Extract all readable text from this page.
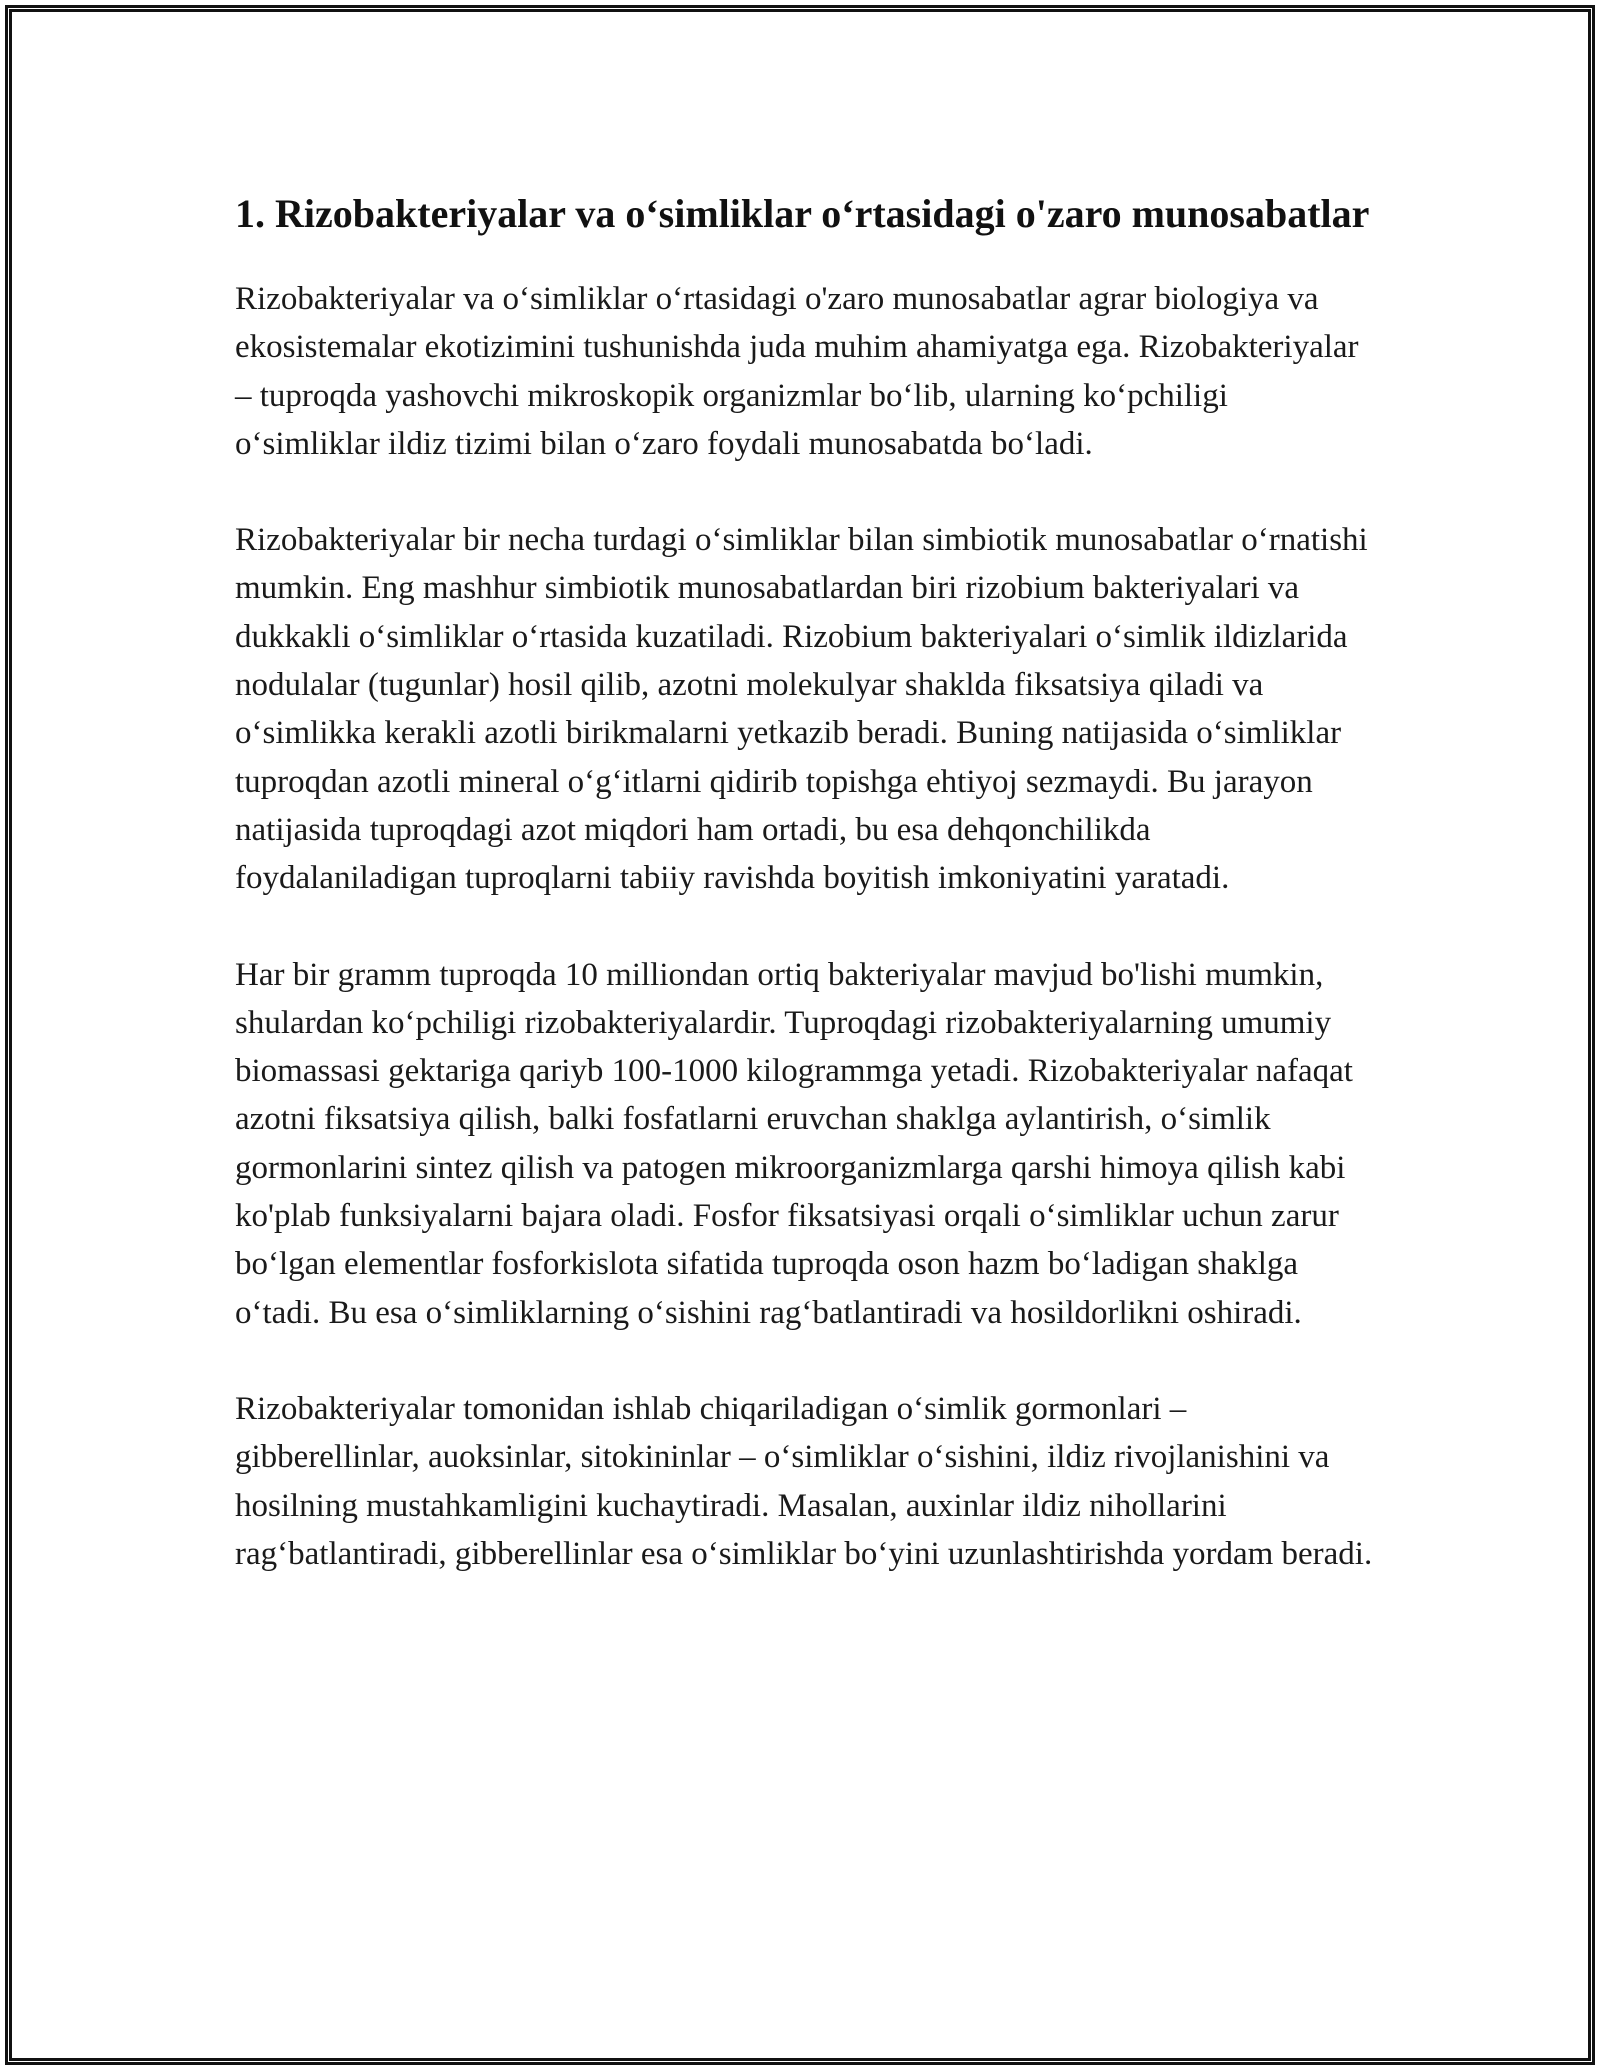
1. Rizobakteriyalar va o‘simliklar o‘rtasidagi o'zaro munosabatlar

Rizobakteriyalar va o‘simliklar o‘rtasidagi o'zaro munosabatlar agrar biologiya va ekosistemalar ekotizimini tushunishda juda muhim ahamiyatga ega. Rizobakteriyalar – tuproqda yashovchi mikroskopik organizmlar bo‘lib, ularning ko‘pchiligi o‘simliklar ildiz tizimi bilan o‘zaro foydali munosabatda bo‘ladi.

Rizobakteriyalar bir necha turdagi o‘simliklar bilan simbiotik munosabatlar o‘rnatishi mumkin. Eng mashhur simbiotik munosabatlardan biri rizobium bakteriyalari va dukkakli o‘simliklar o‘rtasida kuzatiladi. Rizobium bakteriyalari o‘simlik ildizlarida nodulalar (tugunlar) hosil qilib, azotni molekulyar shaklda fiksatsiya qiladi va o‘simlikka kerakli azotli birikmalarni yetkazib beradi. Buning natijasida o‘simliklar tuproqdan azotli mineral o‘g‘itlarni qidirib topishga ehtiyoj sezmaydi. Bu jarayon natijasida tuproqdagi azot miqdori ham ortadi, bu esa dehqonchilikda foydalaniladigan tuproqlarni tabiiy ravishda boyitish imkoniyatini yaratadi.

Har bir gramm tuproqda 10 milliondan ortiq bakteriyalar mavjud bo'lishi mumkin, shulardan ko‘pchiligi rizobakteriyalardir. Tuproqdagi rizobakteriyalarning umumiy biomassasi gektariga qariyb 100-1000 kilogrammga yetadi. Rizobakteriyalar nafaqat azotni fiksatsiya qilish, balki fosfatlarni eruvchan shaklga aylantirish, o‘simlik gormonlarini sintez qilish va patogen mikroorganizmlarga qarshi himoya qilish kabi ko'plab funksiyalarni bajara oladi. Fosfor fiksatsiyasi orqali o‘simliklar uchun zarur bo‘lgan elementlar fosforkislota sifatida tuproqda oson hazm bo‘ladigan shaklga o‘tadi. Bu esa o‘simliklarning o‘sishini rag‘batlantiradi va hosildorlikni oshiradi.

Rizobakteriyalar tomonidan ishlab chiqariladigan o‘simlik gormonlari – gibberellinlar, auoksinlar, sitokininlar – o‘simliklar o‘sishini, ildiz rivojlanishini va hosilning mustahkamligini kuchaytiradi. Masalan, auxinlar ildiz nihollarini rag‘batlantiradi, gibberellinlar esa o‘simliklar bo‘yini uzunlashtirishda yordam beradi.
